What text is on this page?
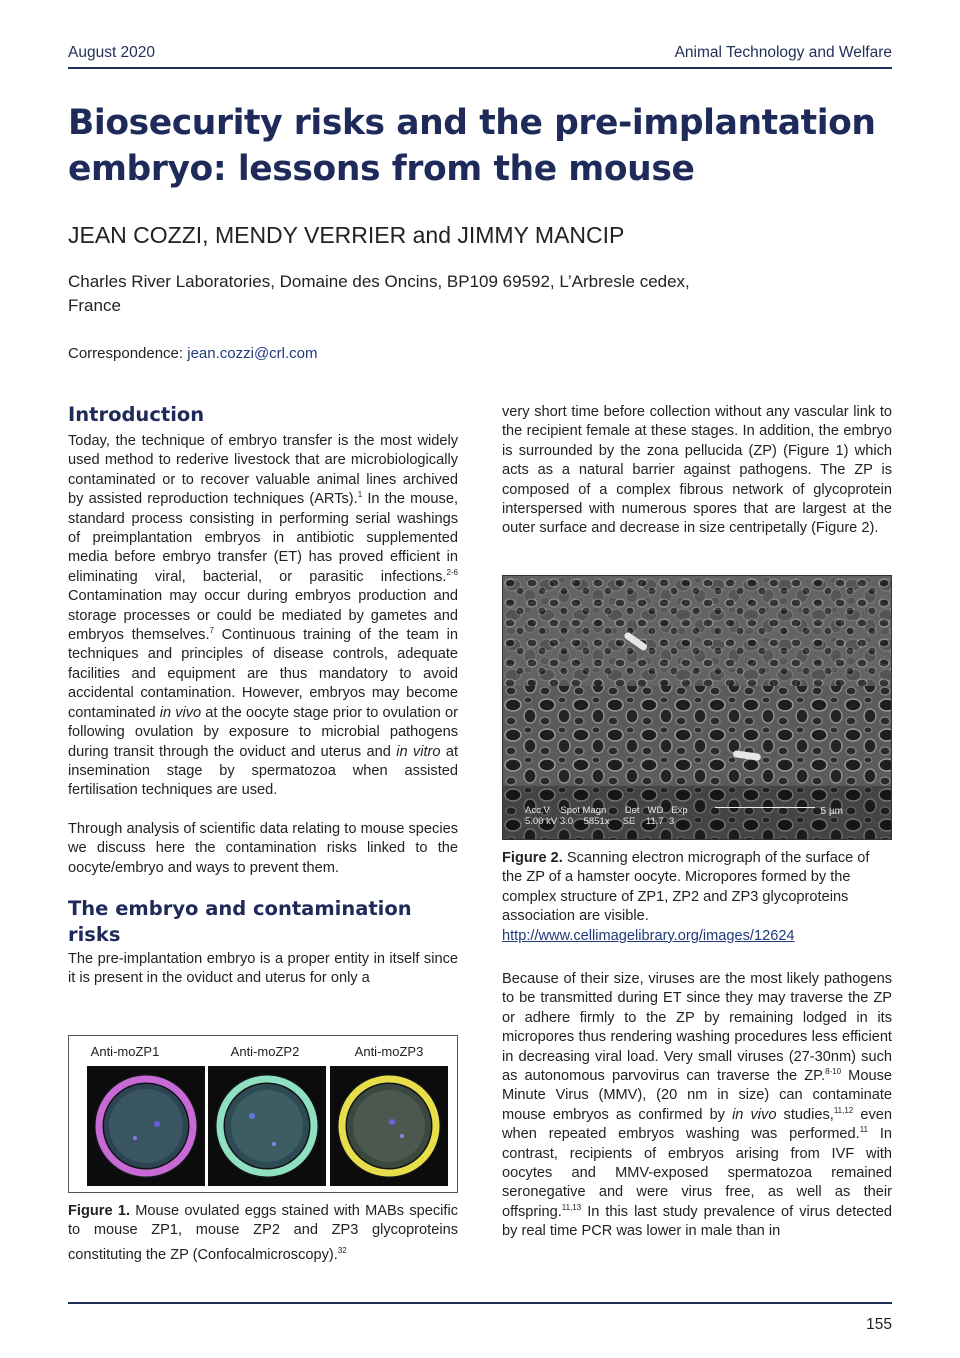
August 2020	Animal Technology and Welfare
Biosecurity risks and the pre-implantation
embryo: lessons from the mouse
JEAN COZZI, MENDY VERRIER and JIMMY MANCIP
Charles River Laboratories, Domaine des Oncins, BP109 69592, L’Arbresle cedex,
France
Correspondence: jean.cozzi@crl.com
Introduction

Today, the technique of embryo transfer is the most widely used method to rederive livestock that are microbiologically contaminated or to recover valuable animal lines archived by assisted reproduction techniques (ARTs).$^1$ In the mouse, standard process consisting in performing serial washings of preimplantation embryos in antibiotic supplemented media before embryo transfer (ET) has proved efficient in eliminating viral, bacterial, or parasitic infections.$^{2-6}$ Contamination may occur during embryos production and storage processes or could be mediated by gametes and embryos themselves.$^7$ Continuous training of the team in techniques and principles of disease controls, adequate facilities and equipment are thus mandatory to avoid accidental contamination. However, embryos may become contaminated in vivo at the oocyte stage prior to ovulation or following ovulation by exposure to microbial pathogens during transit through the oviduct and uterus and in vitro at insemination stage by spermatozoa when assisted fertilisation techniques are used.

Through analysis of scientific data relating to mouse species we discuss here the contamination risks linked to the oocyte/embryo and ways to prevent them.

The embryo and contamination
risks

The pre-implantation embryo is a proper entity in itself since it is present in the oviduct and uterus for only a

Anti-moZP1	Anti-moZP2	Anti-moZP3

Figure 1. Mouse ovulated eggs stained with MABs specific to mouse ZP1, mouse ZP2 and ZP3 glycoproteins constituting the ZP (Confocalmicroscopy).$^{32}$

very short time before collection without any vascular link to the recipient female at these stages. In addition, the embryo is surrounded by the zona pellucida (ZP) (Figure 1) which acts as a natural barrier against pathogens. The ZP is composed of a complex fibrous network of glycoprotein interspersed with numerous spores that are largest at the outer surface and decrease in size centripetally (Figure 2).

Acc.V    Spot Magn       Det   WD   Exp
5.00 kV 3.0    5851x     SE    11.7  3
5 µm

Figure 2. Scanning electron micrograph of the surface of the ZP of a hamster oocyte. Micropores formed by the complex structure of ZP1, ZP2 and ZP3 glycoproteins association are visible.

http://www.cellimagelibrary.org/images/12624

Because of their size, viruses are the most likely pathogens to be transmitted during ET since they may traverse the ZP or adhere firmly to the ZP by remaining lodged in its micropores thus rendering washing procedures less efficient in decreasing viral load. Very small viruses (27-30nm) such as autonomous parvovirus can traverse the ZP.$^{8-10}$ Mouse Minute Virus (MMV), (20 nm in size) can contaminate mouse embryos as confirmed by in vivo studies,$^{11,12}$ even when repeated embryos washing was performed.$^{11}$ In contrast, recipients of embryos arising from IVF with oocytes and MMV-exposed spermatozoa remained seronegative and were virus free, as well as their offspring.$^{11,13}$ In this last study prevalence of virus detected by real time PCR was lower in male than in

155
